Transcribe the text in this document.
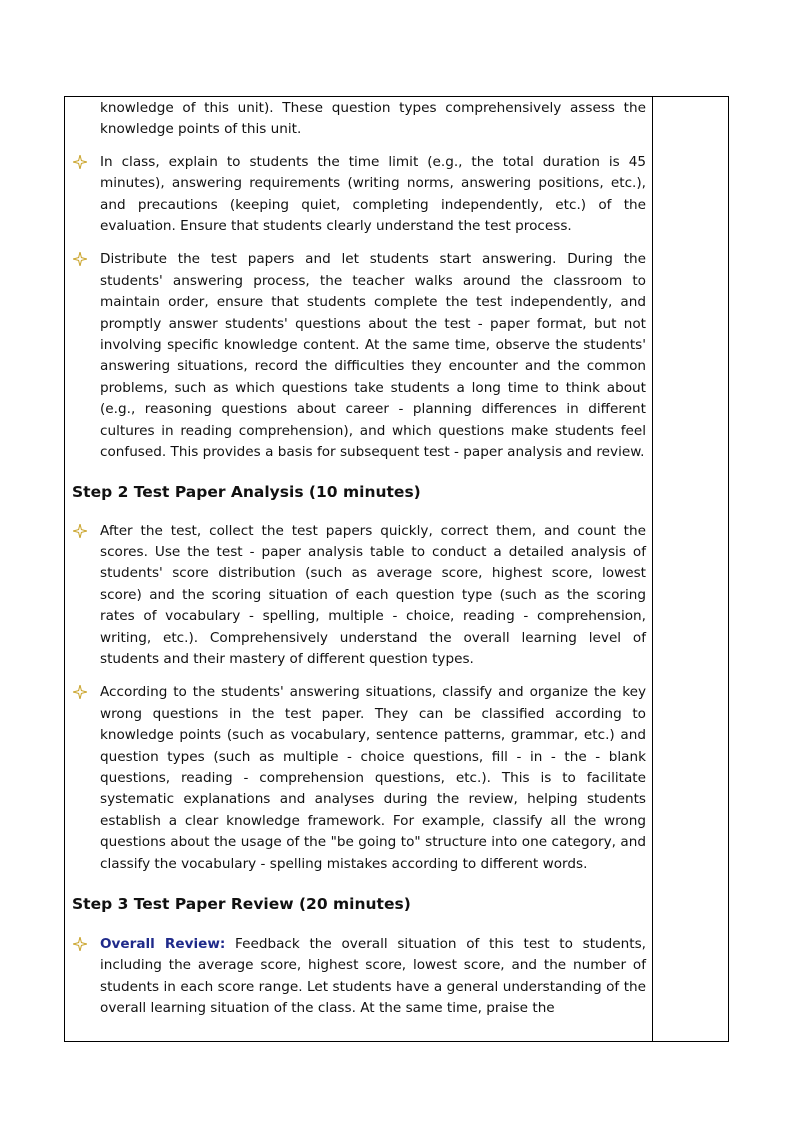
knowledge of this unit). These question types comprehensively assess the knowledge points of this unit.

In class, explain to students the time limit (e.g., the total duration is 45 minutes), answering requirements (writing norms, answering positions, etc.), and precautions (keeping quiet, completing independently, etc.) of the evaluation. Ensure that students clearly understand the test process.
Distribute the test papers and let students start answering. During the students' answering process, the teacher walks around the classroom to maintain order, ensure that students complete the test independently, and promptly answer students' questions about the test - paper format, but not involving specific knowledge content. At the same time, observe the students' answering situations, record the difficulties they encounter and the common problems, such as which questions take students a long time to think about (e.g., reasoning questions about career - planning differences in different cultures in reading comprehension), and which questions make students feel confused. This provides a basis for subsequent test - paper analysis and review.
Step 2 Test Paper Analysis (10 minutes)
After the test, collect the test papers quickly, correct them, and count the scores. Use the test - paper analysis table to conduct a detailed analysis of students' score distribution (such as average score, highest score, lowest score) and the scoring situation of each question type (such as the scoring rates of vocabulary - spelling, multiple - choice, reading - comprehension, writing, etc.). Comprehensively understand the overall learning level of students and their mastery of different question types.
According to the students' answering situations, classify and organize the key wrong questions in the test paper. They can be classified according to knowledge points (such as vocabulary, sentence patterns, grammar, etc.) and question types (such as multiple - choice questions, fill - in - the - blank questions, reading - comprehension questions, etc.). This is to facilitate systematic explanations and analyses during the review, helping students establish a clear knowledge framework. For example, classify all the wrong questions about the usage of the "be going to" structure into one category, and classify the vocabulary - spelling mistakes according to different words.
Step 3 Test Paper Review (20 minutes)
Overall Review: Feedback the overall situation of this test to students, including the average score, highest score, lowest score, and the number of students in each score range. Let students have a general understanding of the overall learning situation of the class. At the same time, praise the
